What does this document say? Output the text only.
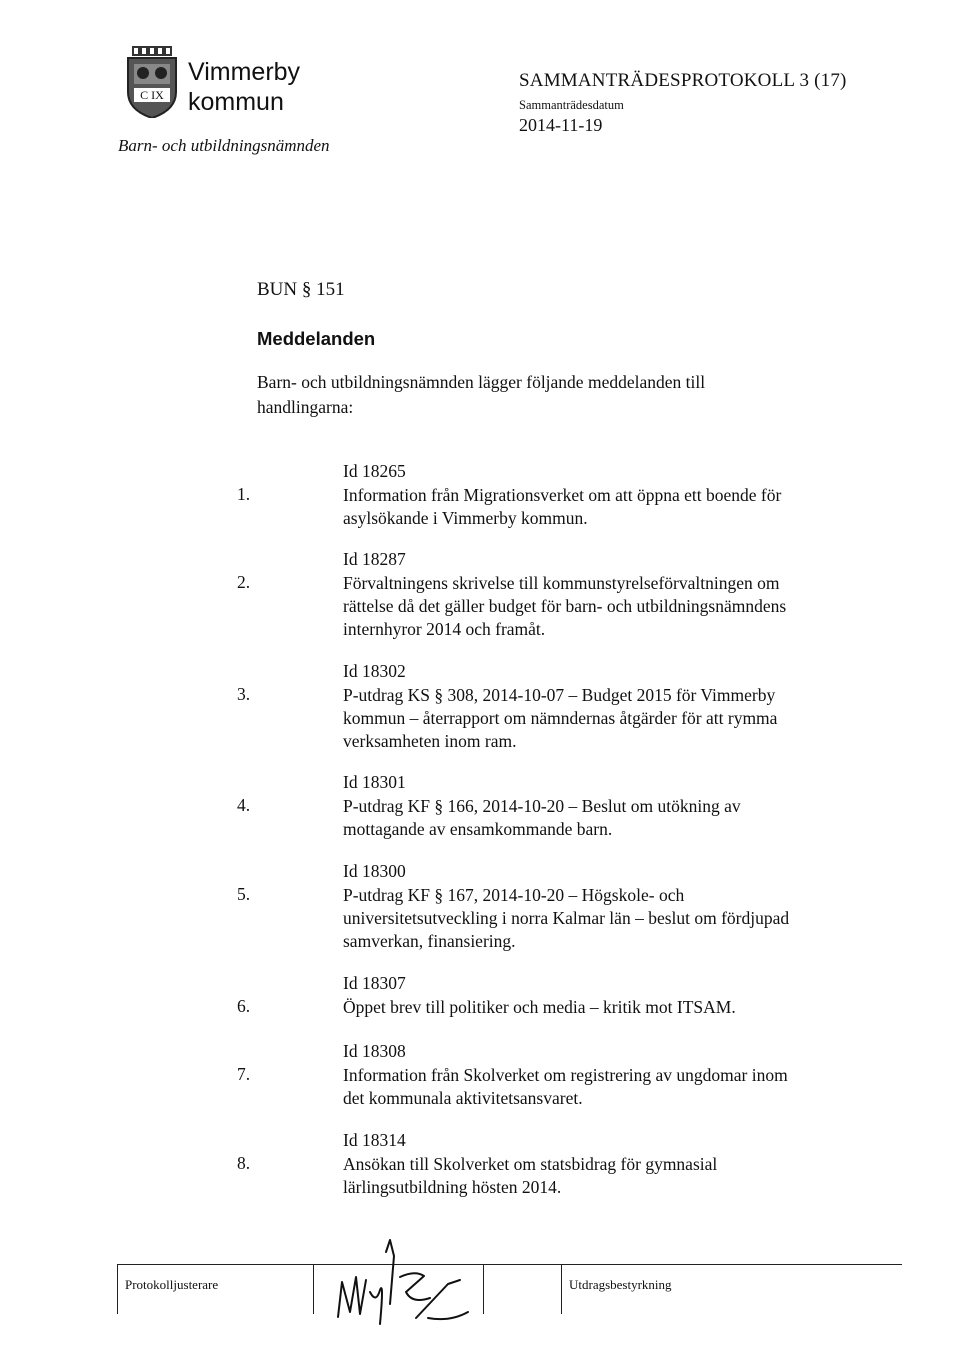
C IX
Vimmerby
kommun
Barn- och utbildningsnämnden
SAMMANTRÄDESPROTOKOLL 3 (17)
Sammanträdesdatum
2014-11-19
BUN § 151
Meddelanden
Barn- och utbildningsnämnden lägger följande meddelanden till
handlingarna:
Id 18265
1.	Information från Migrationsverket om att öppna ett boende för
asylsökande i Vimmerby kommun.
Id 18287
2.	Förvaltningens skrivelse till kommunstyrelseförvaltningen om
rättelse då det gäller budget för barn- och utbildningsnämndens
internhyror 2014 och framåt.
Id 18302
3.	P-utdrag KS § 308, 2014-10-07 – Budget 2015 för Vimmerby
kommun – återrapport om nämndernas åtgärder för att rymma
verksamheten inom ram.
Id 18301
4.	P-utdrag KF § 166, 2014-10-20 – Beslut om utökning av
mottagande av ensamkommande barn.
Id 18300
5.	P-utdrag KF § 167, 2014-10-20 – Högskole- och
universitetsutveckling i norra Kalmar län – beslut om fördjupad
samverkan, finansiering.
Id 18307
6.	Öppet brev till politiker och media – kritik mot ITSAM.
Id 18308
7.	Information från Skolverket om registrering av ungdomar inom
det kommunala aktivitetsansvaret.
Id 18314
8.	Ansökan till Skolverket om statsbidrag för gymnasial
lärlingsutbildning hösten 2014.
Protokolljusterare	Utdragsbestyrkning
